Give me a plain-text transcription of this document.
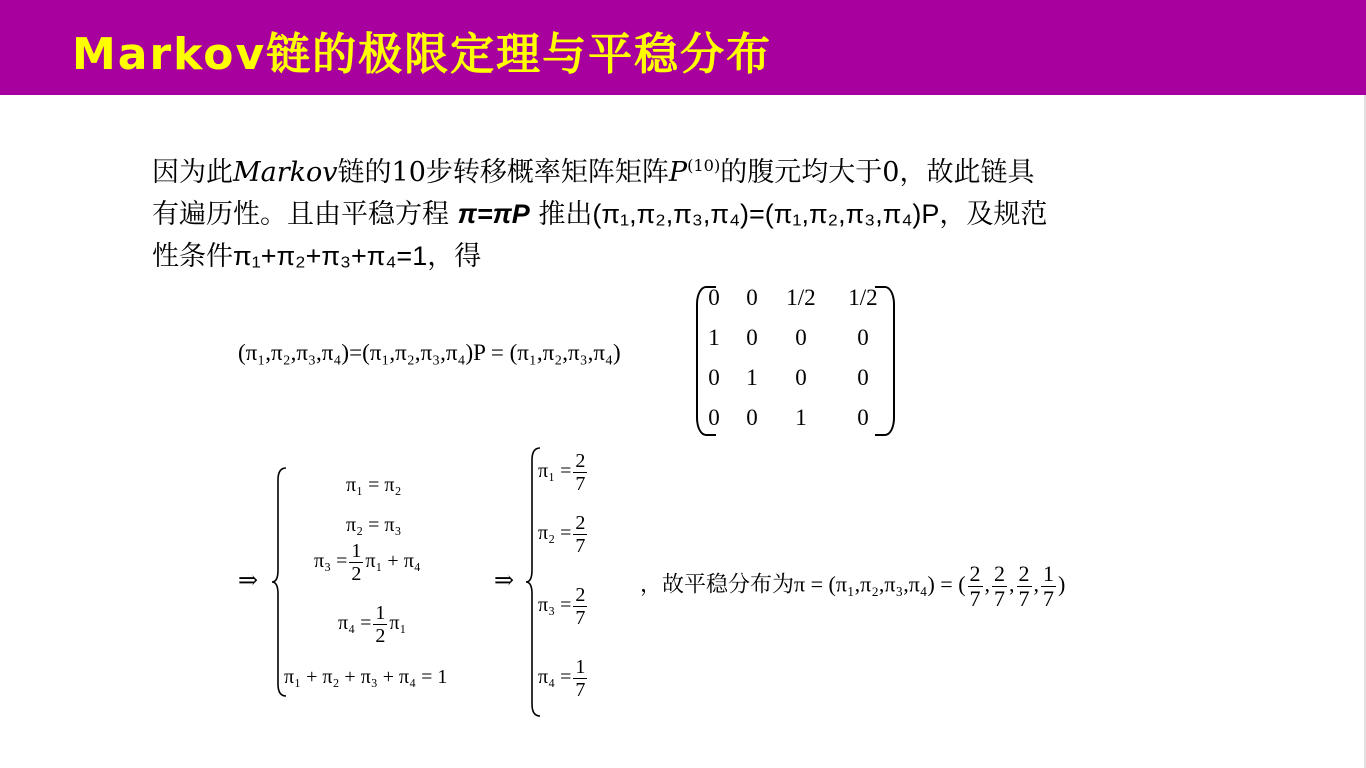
Markov链的极限定理与平稳分布
因为此Markov链的10步转移概率矩阵矩阵$P^{(10)}$的腹元均大于0，故此链具
有遍历性。且由平稳方程 π=πP 推出(π₁,π₂,π₃,π₄)=(π₁,π₂,π₃,π₄)P，及规范
性条件π₁+π₂+π₃+π₄=1，得
(π₁,π₂,π₃,π₄)=(π₁,π₂,π₃,π₄)P = (π₁,π₂,π₃,π₄)
0	0	1/2 1/2
1	0	0	0
0	1	0	0
0	0	1	0
⇒
π₁ = π₂
π₂ = π₃
$\pi_3 = \frac{1}{2} \pi_1 + \pi_4$
$\pi_4 = \frac{1}{2} \pi_1$
π₁ + π₂ + π₃ + π₄ = 1
⇒
$\pi_1 = \frac{2}{7}$
$\pi_2 = \frac{2}{7}$
$\pi_3 = \frac{2}{7}$
$\pi_4 = \frac{1}{7}$
，故平稳分布为π = (π₁,π₂,π₃,π₄) = ( $\frac{2}{7}$ , $\frac{2}{7}$ , $\frac{2}{7}$ , $\frac{1}{7}$ )
